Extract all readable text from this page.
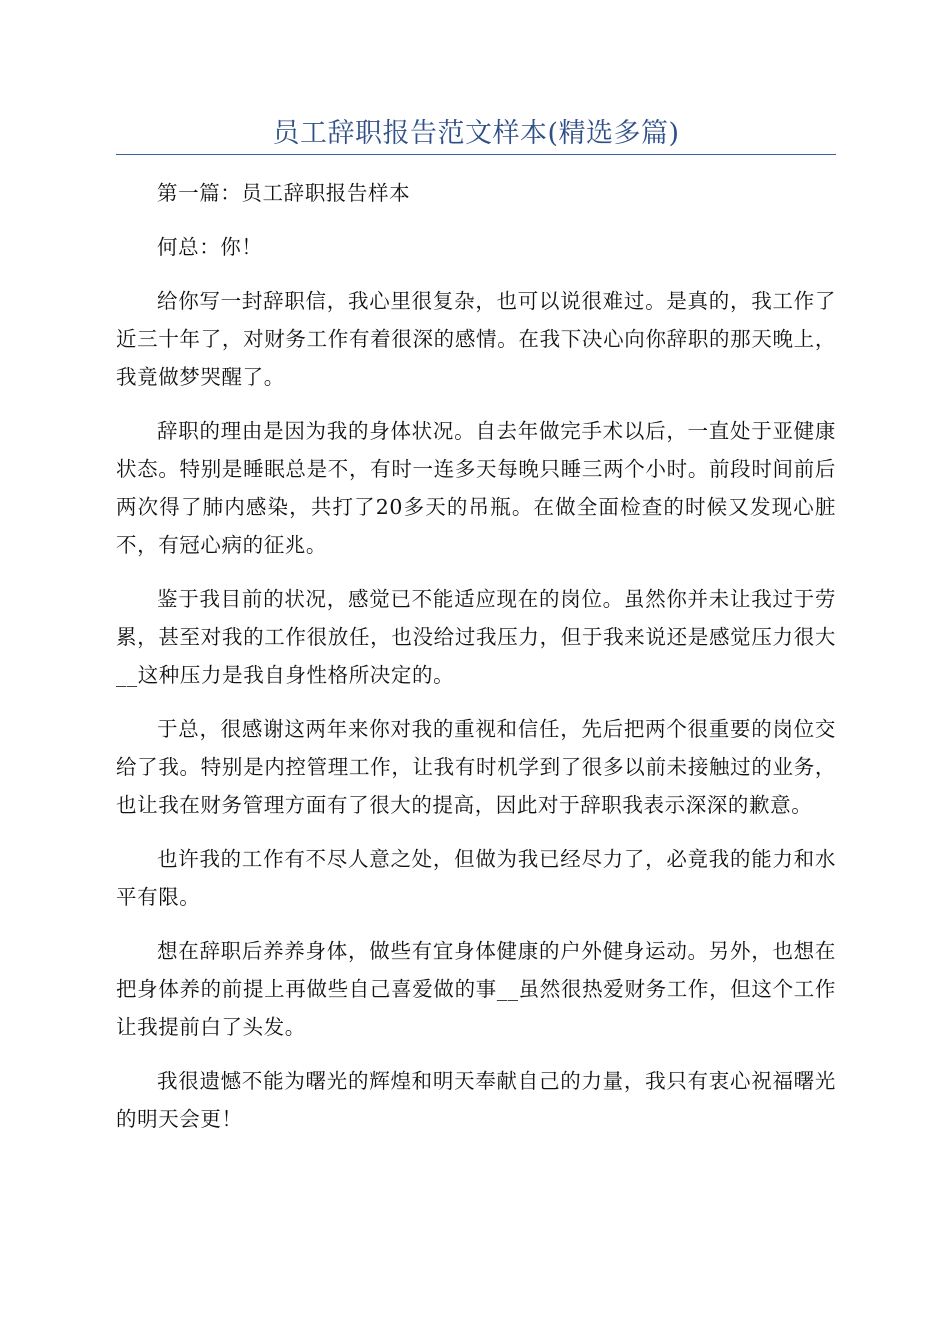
员工辞职报告范文样本(精选多篇)

第一篇：员工辞职报告样本

何总：你！

给你写一封辞职信，我心里很复杂，也可以说很难过。是真的，我工作了近三十年了，对财务工作有着很深的感情。在我下决心向你辞职的那天晚上，我竟做梦哭醒了。

辞职的理由是因为我的身体状况。自去年做完手术以后，一直处于亚健康状态。特别是睡眠总是不，有时一连多天每晚只睡三两个小时。前段时间前后两次得了肺内感染，共打了20多天的吊瓶。在做全面检查的时候又发现心脏不，有冠心病的征兆。

鉴于我目前的状况，感觉已不能适应现在的岗位。虽然你并未让我过于劳累，甚至对我的工作很放任，也没给过我压力，但于我来说还是感觉压力很大__这种压力是我自身性格所决定的。

于总，很感谢这两年来你对我的重视和信任，先后把两个很重要的岗位交给了我。特别是内控管理工作，让我有时机学到了很多以前未接触过的业务，也让我在财务管理方面有了很大的提高，因此对于辞职我表示深深的歉意。

也许我的工作有不尽人意之处，但做为我已经尽力了，必竟我的能力和水平有限。

想在辞职后养养身体，做些有宜身体健康的户外健身运动。另外，也想在把身体养的前提上再做些自己喜爱做的事__虽然很热爱财务工作，但这个工作让我提前白了头发。

我很遗憾不能为曙光的辉煌和明天奉献自己的力量，我只有衷心祝福曙光的明天会更！
